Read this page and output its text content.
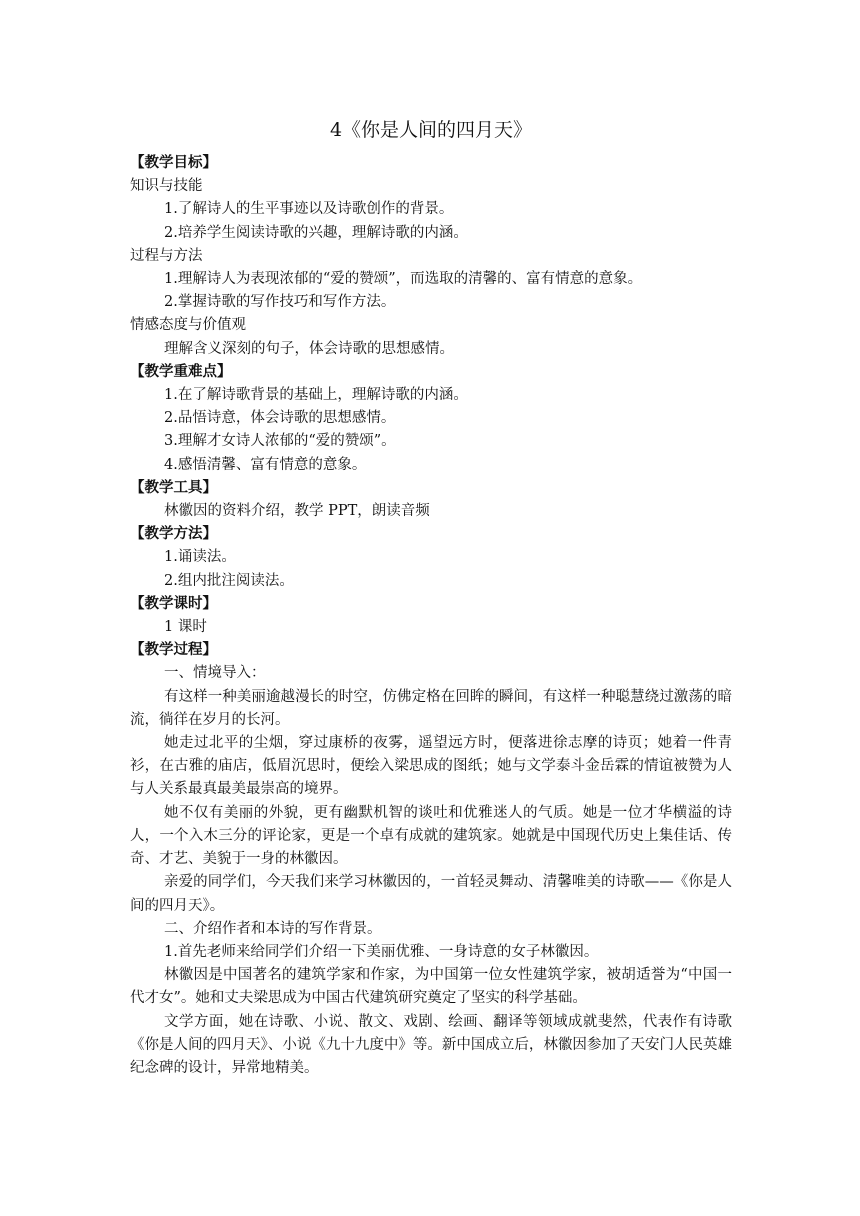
4《你是人间的四月天》
【教学目标】
知识与技能
1.了解诗人的生平事迹以及诗歌创作的背景。
2.培养学生阅读诗歌的兴趣，理解诗歌的内涵。
过程与方法
1.理解诗人为表现浓郁的“爱的赞颂”，而选取的清馨的、富有情意的意象。
2.掌握诗歌的写作技巧和写作方法。
情感态度与价值观
理解含义深刻的句子，体会诗歌的思想感情。
【教学重难点】
1.在了解诗歌背景的基础上，理解诗歌的内涵。
2.品悟诗意，体会诗歌的思想感情。
3.理解才女诗人浓郁的“爱的赞颂”。
4.感悟清馨、富有情意的意象。
【教学工具】
林徽因的资料介绍，教学 PPT，朗读音频
【教学方法】
1.诵读法。
2.组内批注阅读法。
【教学课时】
1 课时
【教学过程】
一、情境导入：
有这样一种美丽逾越漫长的时空，仿佛定格在回眸的瞬间，有这样一种聪慧绕过激荡的暗流，徜徉在岁月的长河。
她走过北平的尘烟，穿过康桥的夜雾，遥望远方时，便落进徐志摩的诗页；她着一件青衫，在古雅的庙店，低眉沉思时，便绘入梁思成的图纸；她与文学泰斗金岳霖的情谊被赞为人与人关系最真最美最崇高的境界。
她不仅有美丽的外貌，更有幽默机智的谈吐和优雅迷人的气质。她是一位才华横溢的诗人，一个入木三分的评论家，更是一个卓有成就的建筑家。她就是中国现代历史上集佳话、传奇、才艺、美貌于一身的林徽因。
亲爱的同学们，今天我们来学习林徽因的，一首轻灵舞动、清馨唯美的诗歌——《你是人间的四月天》。
二、介绍作者和本诗的写作背景。
1.首先老师来给同学们介绍一下美丽优雅、一身诗意的女子林徽因。
林徽因是中国著名的建筑学家和作家，为中国第一位女性建筑学家，被胡适誉为“中国一代才女”。她和丈夫梁思成为中国古代建筑研究奠定了坚实的科学基础。
文学方面，她在诗歌、小说、散文、戏剧、绘画、翻译等领域成就斐然，代表作有诗歌《你是人间的四月天》、小说《九十九度中》等。新中国成立后，林徽因参加了天安门人民英雄纪念碑的设计，异常地精美。
